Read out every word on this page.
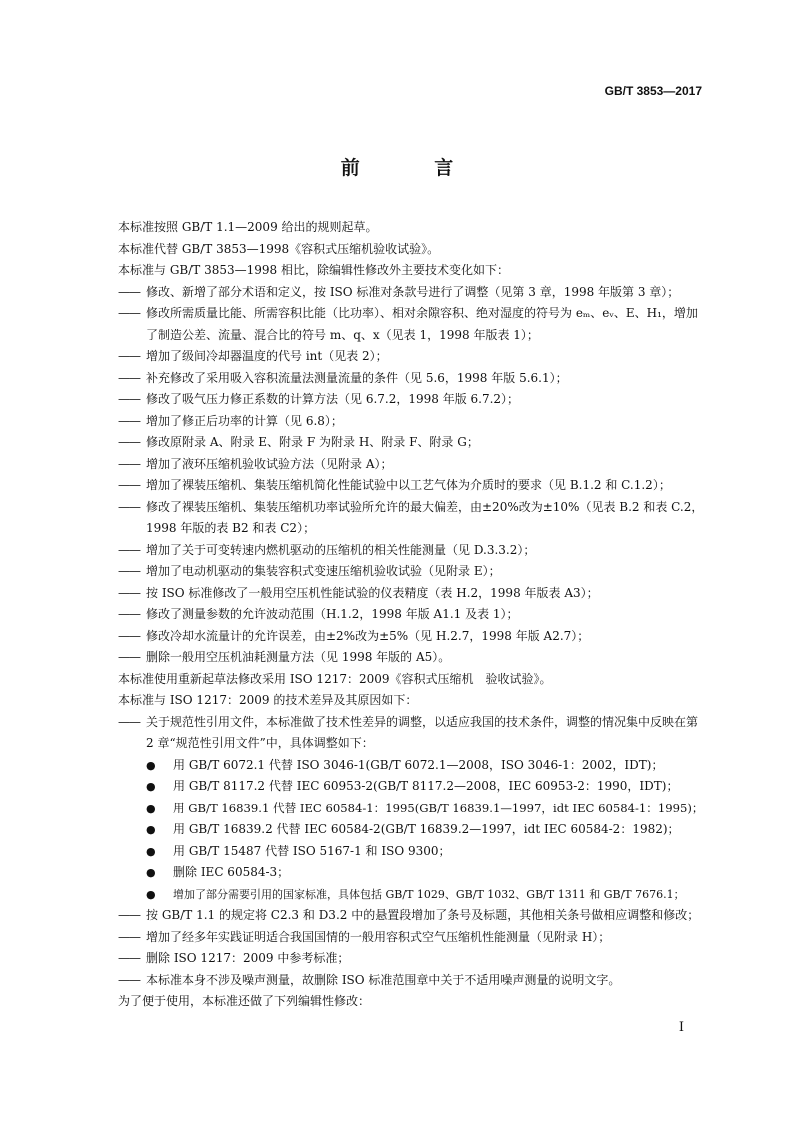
GB/T 3853—2017
前 言

本标准按照 GB/T 1.1—2009 给出的规则起草。

本标准代替 GB/T 3853—1998《容积式压缩机验收试验》。

本标准与 GB/T 3853—1998 相比，除编辑性修改外主要技术变化如下：

—— 修改、新增了部分术语和定义，按 ISO 标准对条款号进行了调整（见第 3 章，1998 年版第 3 章）；

—— 修改所需质量比能、所需容积比能（比功率）、相对余隙容积、绝对湿度的符号为 eₘ、eᵥ、E、H₁，增加了制造公差、流量、混合比的符号 m、q、x（见表 1，1998 年版表 1）；

—— 增加了级间冷却器温度的代号 int（见表 2）；

—— 补充修改了采用吸入容积流量法测量流量的条件（见 5.6，1998 年版 5.6.1）；

—— 修改了吸气压力修正系数的计算方法（见 6.7.2，1998 年版 6.7.2）；

—— 增加了修正后功率的计算（见 6.8）；

—— 修改原附录 A、附录 E、附录 F 为附录 H、附录 F、附录 G；

—— 增加了液环压缩机验收试验方法（见附录 A）；

—— 增加了裸装压缩机、集装压缩机简化性能试验中以工艺气体为介质时的要求（见 B.1.2 和 C.1.2）；

—— 修改了裸装压缩机、集装压缩机功率试验所允许的最大偏差，由±20%改为±10%（见表 B.2 和表 C.2，1998 年版的表 B2 和表 C2）；

—— 增加了关于可变转速内燃机驱动的压缩机的相关性能测量（见 D.3.3.2）；

—— 增加了电动机驱动的集装容积式变速压缩机验收试验（见附录 E）；

—— 按 ISO 标准修改了一般用空压机性能试验的仪表精度（表 H.2，1998 年版表 A3）；

—— 修改了测量参数的允许波动范围（H.1.2，1998 年版 A1.1 及表 1）；

—— 修改冷却水流量计的允许误差，由±2%改为±5%（见 H.2.7，1998 年版 A2.7）；

—— 删除一般用空压机油耗测量方法（见 1998 年版的 A5）。

本标准使用重新起草法修改采用 ISO 1217：2009《容积式压缩机　验收试验》。

本标准与 ISO 1217：2009 的技术差异及其原因如下：

—— 关于规范性引用文件，本标准做了技术性差异的调整，以适应我国的技术条件，调整的情况集中反映在第 2 章“规范性引用文件”中，具体调整如下：

● 用 GB/T 6072.1 代替 ISO 3046-1(GB/T 6072.1—2008，ISO 3046-1：2002，IDT)；

● 用 GB/T 8117.2 代替 IEC 60953-2(GB/T 8117.2—2008，IEC 60953-2：1990，IDT)；

● 用 GB/T 16839.1 代替 IEC 60584-1：1995(GB/T 16839.1—1997，idt IEC 60584-1：1995)；

● 用 GB/T 16839.2 代替 IEC 60584-2(GB/T 16839.2—1997，idt IEC 60584-2：1982)；

● 用 GB/T 15487 代替 ISO 5167-1 和 ISO 9300；

● 删除 IEC 60584-3；

● 增加了部分需要引用的国家标准，具体包括 GB/T 1029、GB/T 1032、GB/T 1311 和 GB/T 7676.1；

—— 按 GB/T 1.1 的规定将 C2.3 和 D3.2 中的悬置段增加了条号及标题，其他相关条号做相应调整和修改；

—— 增加了经多年实践证明适合我国国情的一般用容积式空气压缩机性能测量（见附录 H）；

—— 删除 ISO 1217：2009 中参考标准；

—— 本标准本身不涉及噪声测量，故删除 ISO 标准范围章中关于不适用噪声测量的说明文字。

为了便于使用，本标准还做了下列编辑性修改：

I
